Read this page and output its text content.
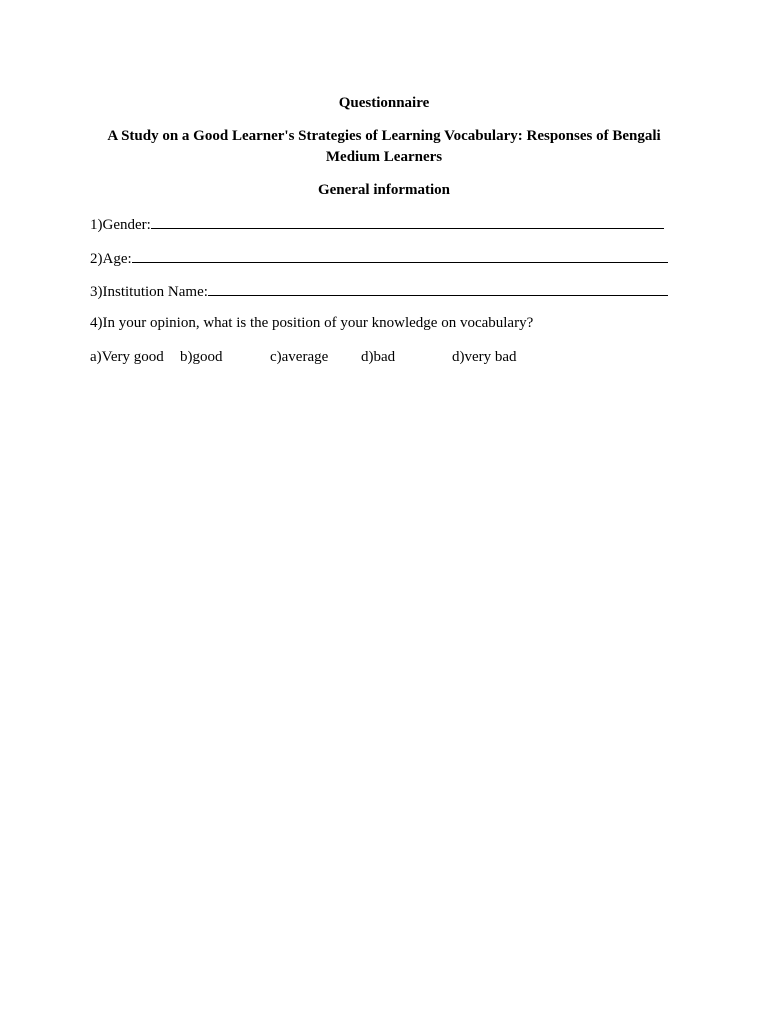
Questionnaire
A Study on a Good Learner's Strategies of Learning Vocabulary: Responses of Bengali
Medium Learners
General information
1)Gender:
2)Age:
3)Institution Name:
4)In your opinion, what is the position of your knowledge on vocabulary?
a)Very good b)good	c)average d)bad	d)very bad
